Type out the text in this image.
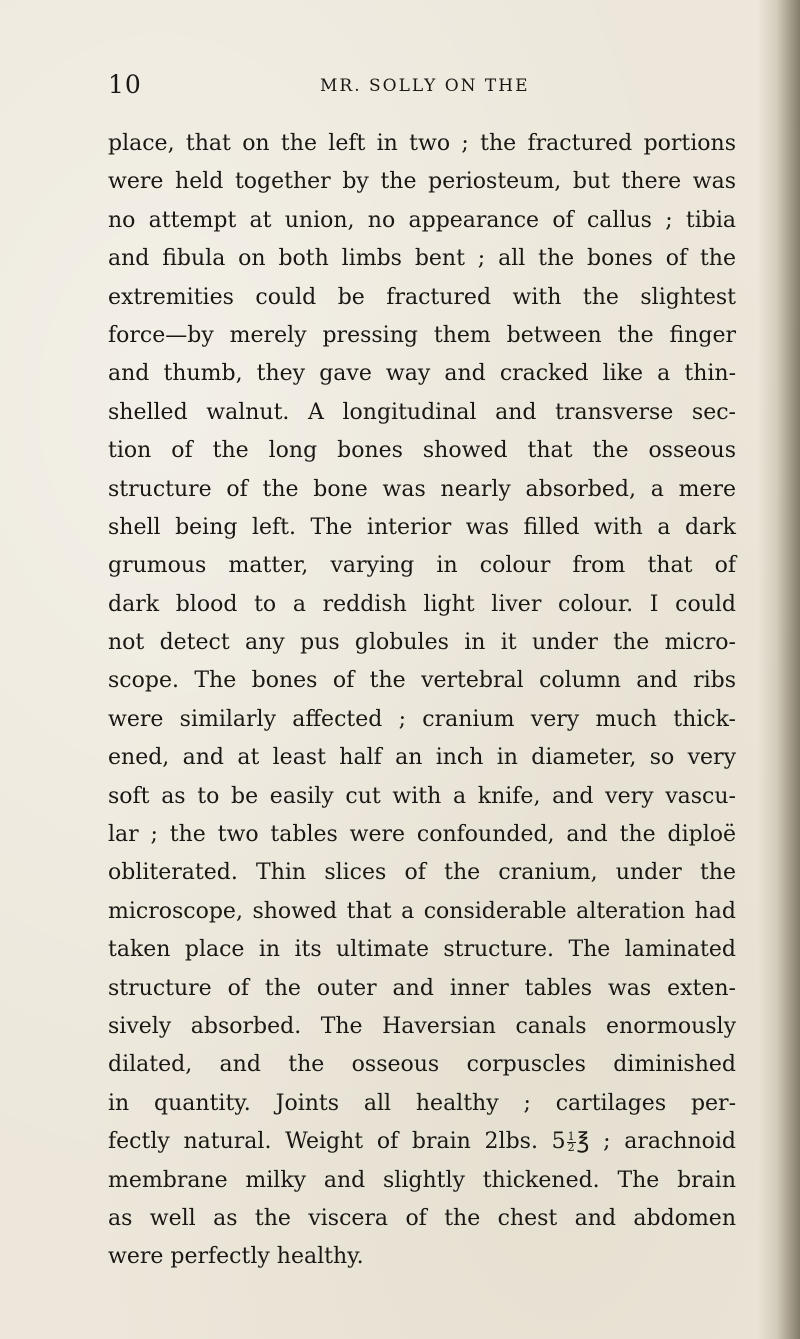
10	MR. SOLLY ON THE
place, that on the left in two ; the fractured portions
were held together by the periosteum, but there was
no attempt at union, no appearance of callus ; tibia
and fibula on both limbs bent ; all the bones of the
extremities could be fractured with the slightest
force—by merely pressing them between the finger
and thumb, they gave way and cracked like a thin-
shelled walnut. A longitudinal and transverse sec-
tion of the long bones showed that the osseous
structure of the bone was nearly absorbed, a mere
shell being left. The interior was filled with a dark
grumous matter, varying in colour from that of
dark blood to a reddish light liver colour. I could
not detect any pus globules in it under the micro-
scope. The bones of the vertebral column and ribs
were similarly affected ; cranium very much thick-
ened, and at least half an inch in diameter, so very
soft as to be easily cut with a knife, and very vascu-
lar ; the two tables were confounded, and the diploë
obliterated. Thin slices of the cranium, under the
microscope, showed that a considerable alteration had
taken place in its ultimate structure. The laminated
structure of the outer and inner tables was exten-
sively absorbed. The Haversian canals enormously
dilated, and the osseous corpuscles diminished
in quantity. Joints all healthy ; cartilages per-
fectly natural. Weight of brain 2lbs. $5 \frac{1}{2}$ ℥ ; arachnoid
membrane milky and slightly thickened. The brain
as well as the viscera of the chest and abdomen
were perfectly healthy.
